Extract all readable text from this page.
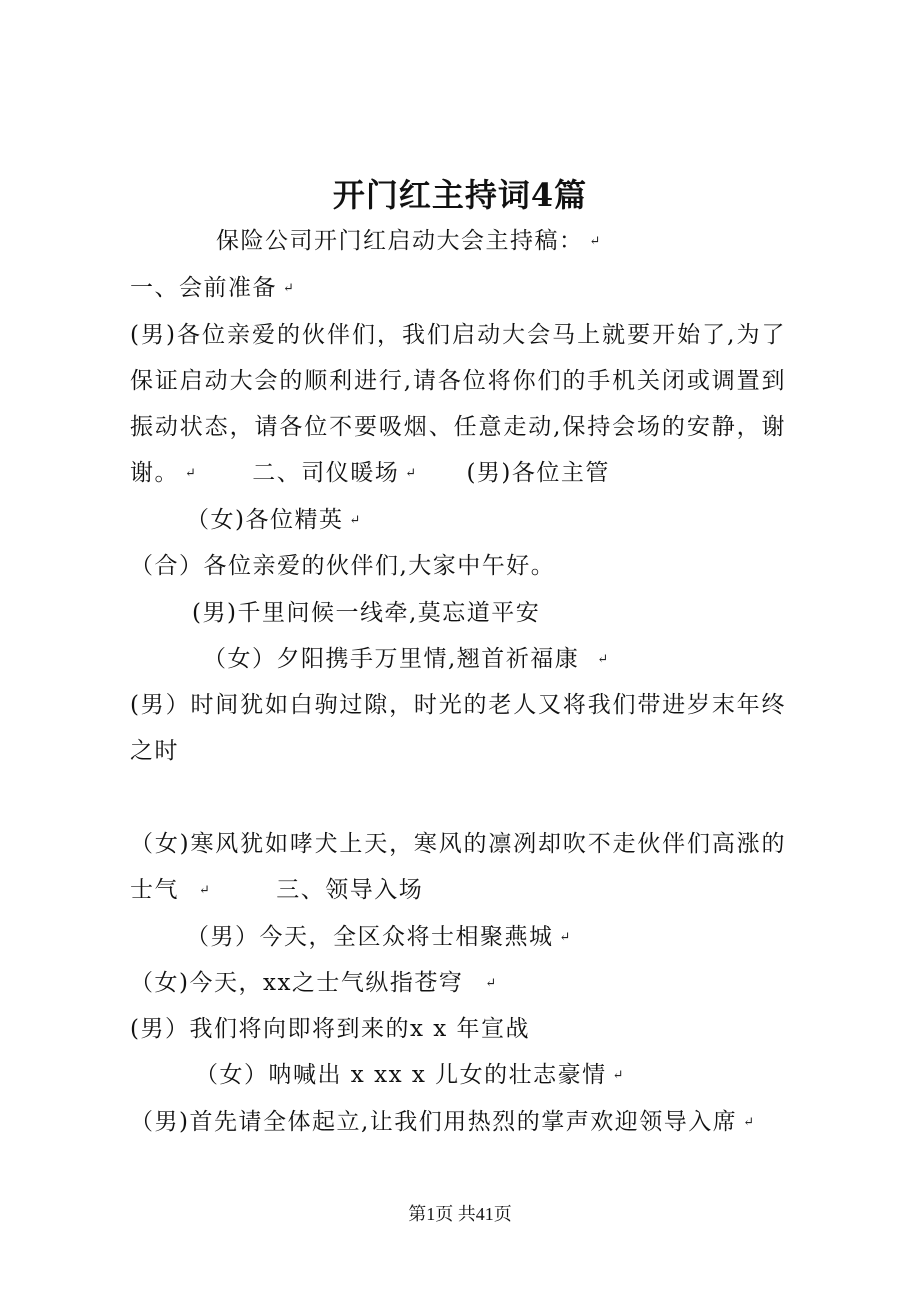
开门红主持词4篇
保险公司开门红启动大会主持稿： ↵
一、会前准备 ↵
(男)各位亲爱的伙伴们，我们启动大会马上就要开始了,为了保证启动大会的顺利进行,请各位将你们的手机关闭或调置到振动状态，请各位不要吸烟、任意走动,保持会场的安静，谢谢。 ↵ 二、司仪暖场 ↵ (男)各位主管
（女)各位精英 ↵
（合）各位亲爱的伙伴们,大家中午好。
(男)千里问候一线牵,莫忘道平安
（女）夕阳携手万里情,翘首祈福康 ↵
(男）时间犹如白驹过隙，时光的老人又将我们带进岁末年终之时
（女)寒风犹如哮犬上天，寒风的凛冽却吹不走伙伴们高涨的士气 ↵	三、领导入场
（男）今天，全区众将士相聚燕城 ↵
（女)今天，xx之士气纵指苍穹 ↵
(男）我们将向即将到来的x x 年宣战
（女）呐喊出 x xx x 儿女的壮志豪情 ↵
（男)首先请全体起立,让我们用热烈的掌声欢迎领导入席 ↵
第1页 共41页
